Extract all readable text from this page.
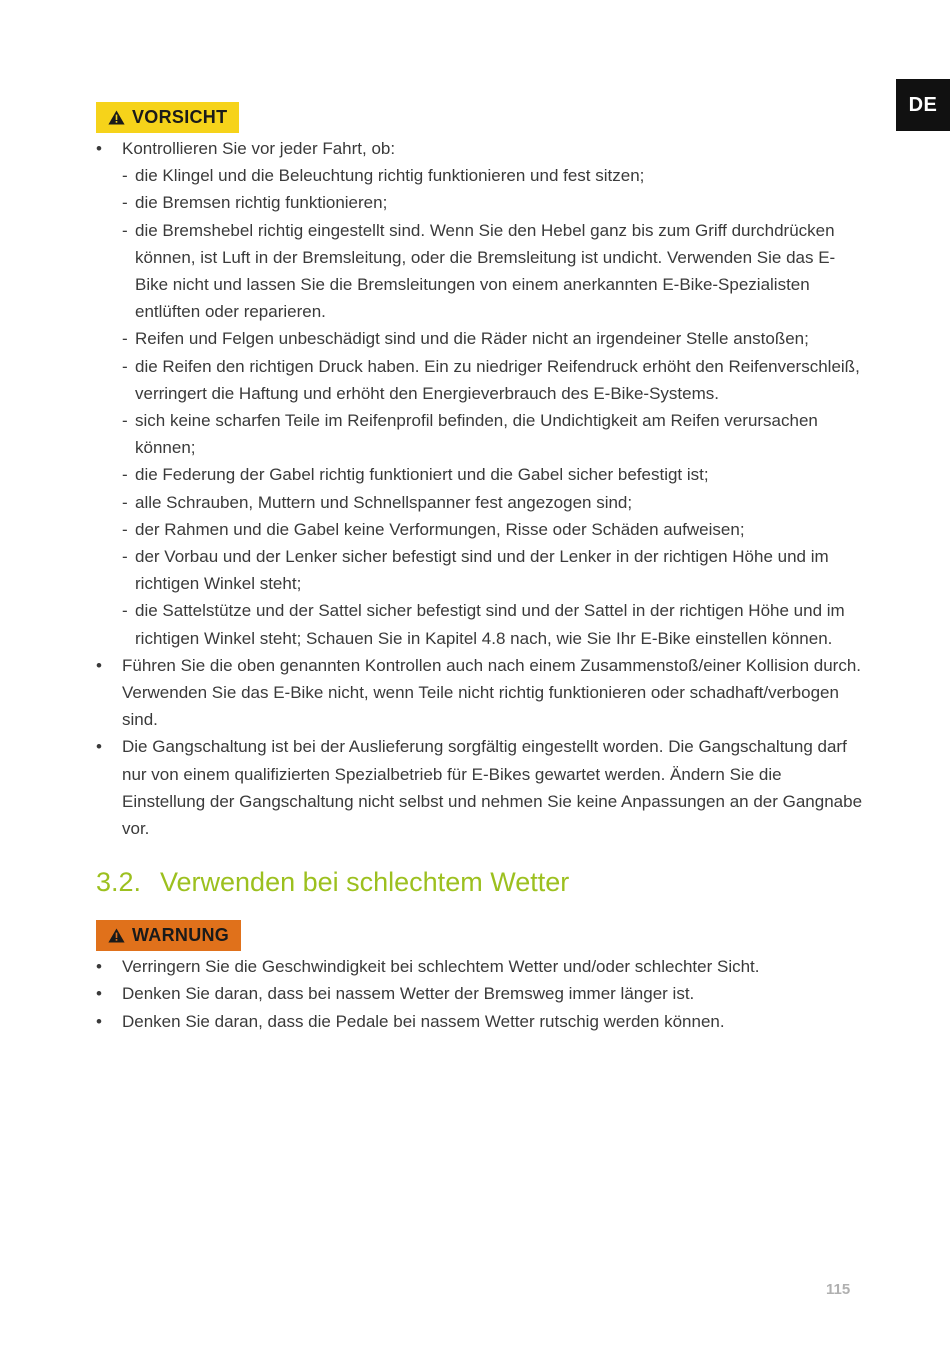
DE
VORSICHT
•	Kontrollieren Sie vor jeder Fahrt, ob:
- die Klingel und die Beleuchtung richtig funktionieren und fest sitzen;
- die Bremsen richtig funktionieren;
- die Bremshebel richtig eingestellt sind. Wenn Sie den Hebel ganz bis zum Griff durchdrücken können, ist Luft in der Bremsleitung, oder die Bremsleitung ist undicht. Verwenden Sie das E-Bike nicht und lassen Sie die Bremsleitungen von einem anerkannten E-Bike-Spezialisten entlüften oder reparieren.
- Reifen und Felgen unbeschädigt sind und die Räder nicht an irgendeiner Stelle anstoßen;
- die Reifen den richtigen Druck haben. Ein zu niedriger Reifendruck erhöht den Reifenverschleiß, verringert die Haftung und erhöht den Energieverbrauch des E-Bike-Systems.
- sich keine scharfen Teile im Reifenprofil befinden, die Undichtigkeit am Reifen verursachen können;
- die Federung der Gabel richtig funktioniert und die Gabel sicher befestigt ist;
- alle Schrauben, Muttern und Schnellspanner fest angezogen sind;
- der Rahmen und die Gabel keine Verformungen, Risse oder Schäden aufweisen;
- der Vorbau und der Lenker sicher befestigt sind und der Lenker in der richtigen Höhe und im richtigen Winkel steht;
- die Sattelstütze und der Sattel sicher befestigt sind und der Sattel in der richtigen Höhe und im richtigen Winkel steht; Schauen Sie in Kapitel 4.8 nach, wie Sie Ihr E-Bike einstellen können.
•	Führen Sie die oben genannten Kontrollen auch nach einem Zusammenstoß/einer Kollision durch. Verwenden Sie das E-Bike nicht, wenn Teile nicht richtig funktionieren oder schadhaft/verbogen sind.
•	Die Gangschaltung ist bei der Auslieferung sorgfältig eingestellt worden. Die Gangschaltung darf nur von einem qualifizierten Spezialbetrieb für E-Bikes gewartet werden. Ändern Sie die Einstellung der Gangschaltung nicht selbst und nehmen Sie keine Anpassungen an der Gangnabe vor.
3.2. Verwenden bei schlechtem Wetter
WARNUNG
•	Verringern Sie die Geschwindigkeit bei schlechtem Wetter und/oder schlechter Sicht.
•	Denken Sie daran, dass bei nassem Wetter der Bremsweg immer länger ist.
•	Denken Sie daran, dass die Pedale bei nassem Wetter rutschig werden können.
115
